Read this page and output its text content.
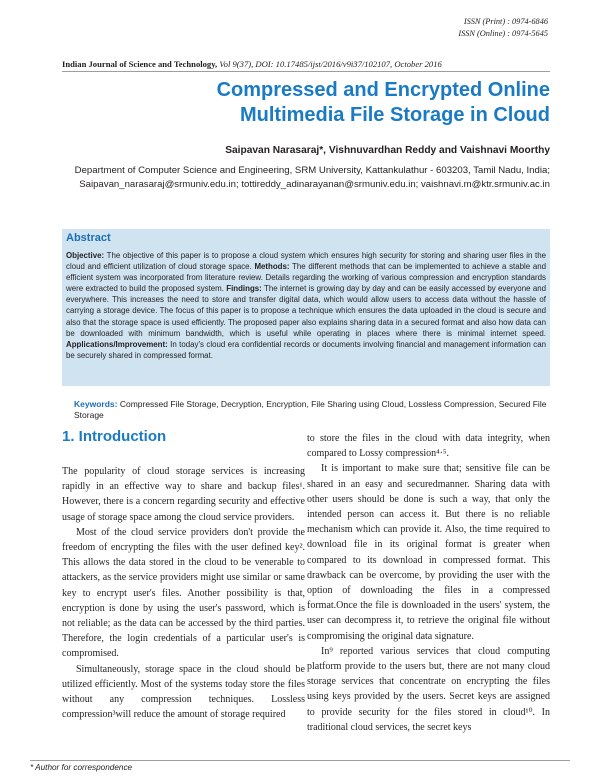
ISSN (Print) : 0974-6846
ISSN (Online) : 0974-5645
Indian Journal of Science and Technology, Vol 9(37), DOI: 10.17485/ijst/2016/v9i37/102107, October 2016
Compressed and Encrypted Online
Multimedia File Storage in Cloud
Saipavan Narasaraj*, Vishnuvardhan Reddy and Vaishnavi Moorthy
Department of Computer Science and Engineering, SRM University, Kattankulathur - 603203, Tamil Nadu, India;
Saipavan_narasaraj@srmuniv.edu.in; tottireddy_adinarayanan@srmuniv.edu.in; vaishnavi.m@ktr.srmuniv.ac.in
Abstract
Objective: The objective of this paper is to propose a cloud system which ensures high security for storing and sharing user files in the cloud and efficient utilization of cloud storage space. Methods: The different methods that can be implemented to achieve a stable and efficient system was incorporated from literature review. Details regarding the working of various compression and encryption standards were extracted to build the proposed system. Findings: The internet is growing day by day and can be easily accessed by everyone and everywhere. This increases the need to store and transfer digital data, which would allow users to access data without the hassle of carrying a storage device. The focus of this paper is to propose a technique which ensures the data uploaded in the cloud is secure and also that the storage space is used efficiently. The proposed paper also explains sharing data in a secured format and also how data can be downloaded with minimum bandwidth, which is useful while operating in places where there is minimal internet speed. Applications/Improvement: In today's cloud era confidential records or documents involving financial and management information can be securely shared in compressed format.
Keywords: Compressed File Storage, Decryption, Encryption, File Sharing using Cloud, Lossless Compression, Secured File Storage
1. Introduction

The popularity of cloud storage services is increasing rapidly in an effective way to share and backup files¹. However, there is a concern regarding security and effective usage of storage space among the cloud service providers.

Most of the cloud service providers don't provide the freedom of encrypting the files with the user defined key². This allows the data stored in the cloud to be venerable to attackers, as the service providers might use similar or same key to encrypt user's files. Another possibility is that, encryption is done by using the user's password, which is not reliable; as the data can be accessed by the third parties. Therefore, the login credentials of a particular user's is compromised.

Simultaneously, storage space in the cloud should be utilized efficiently. Most of the systems today store the files without any compression techniques. Lossless compression³will reduce the amount of storage required

to store the files in the cloud with data integrity, when compared to Lossy compression⁴·⁵.

It is important to make sure that; sensitive file can be shared in an easy and securedmanner. Sharing data with other users should be done is such a way, that only the intended person can access it. But there is no reliable mechanism which can provide it. Also, the time required to download file in its original format is greater when compared to its download in compressed format. This drawback can be overcome, by providing the user with the option of downloading the files in a compressed format.Once the file is downloaded in the users' system, the user can decompress it, to retrieve the original file without compromising the original data signature.

In⁹ reported various services that cloud computing platform provide to the users but, there are not many cloud storage services that concentrate on encrypting the files using keys provided by the users. Secret keys are assigned to provide security for the files stored in cloud¹⁰. In traditional cloud services, the secret keys

* Author for correspondence
